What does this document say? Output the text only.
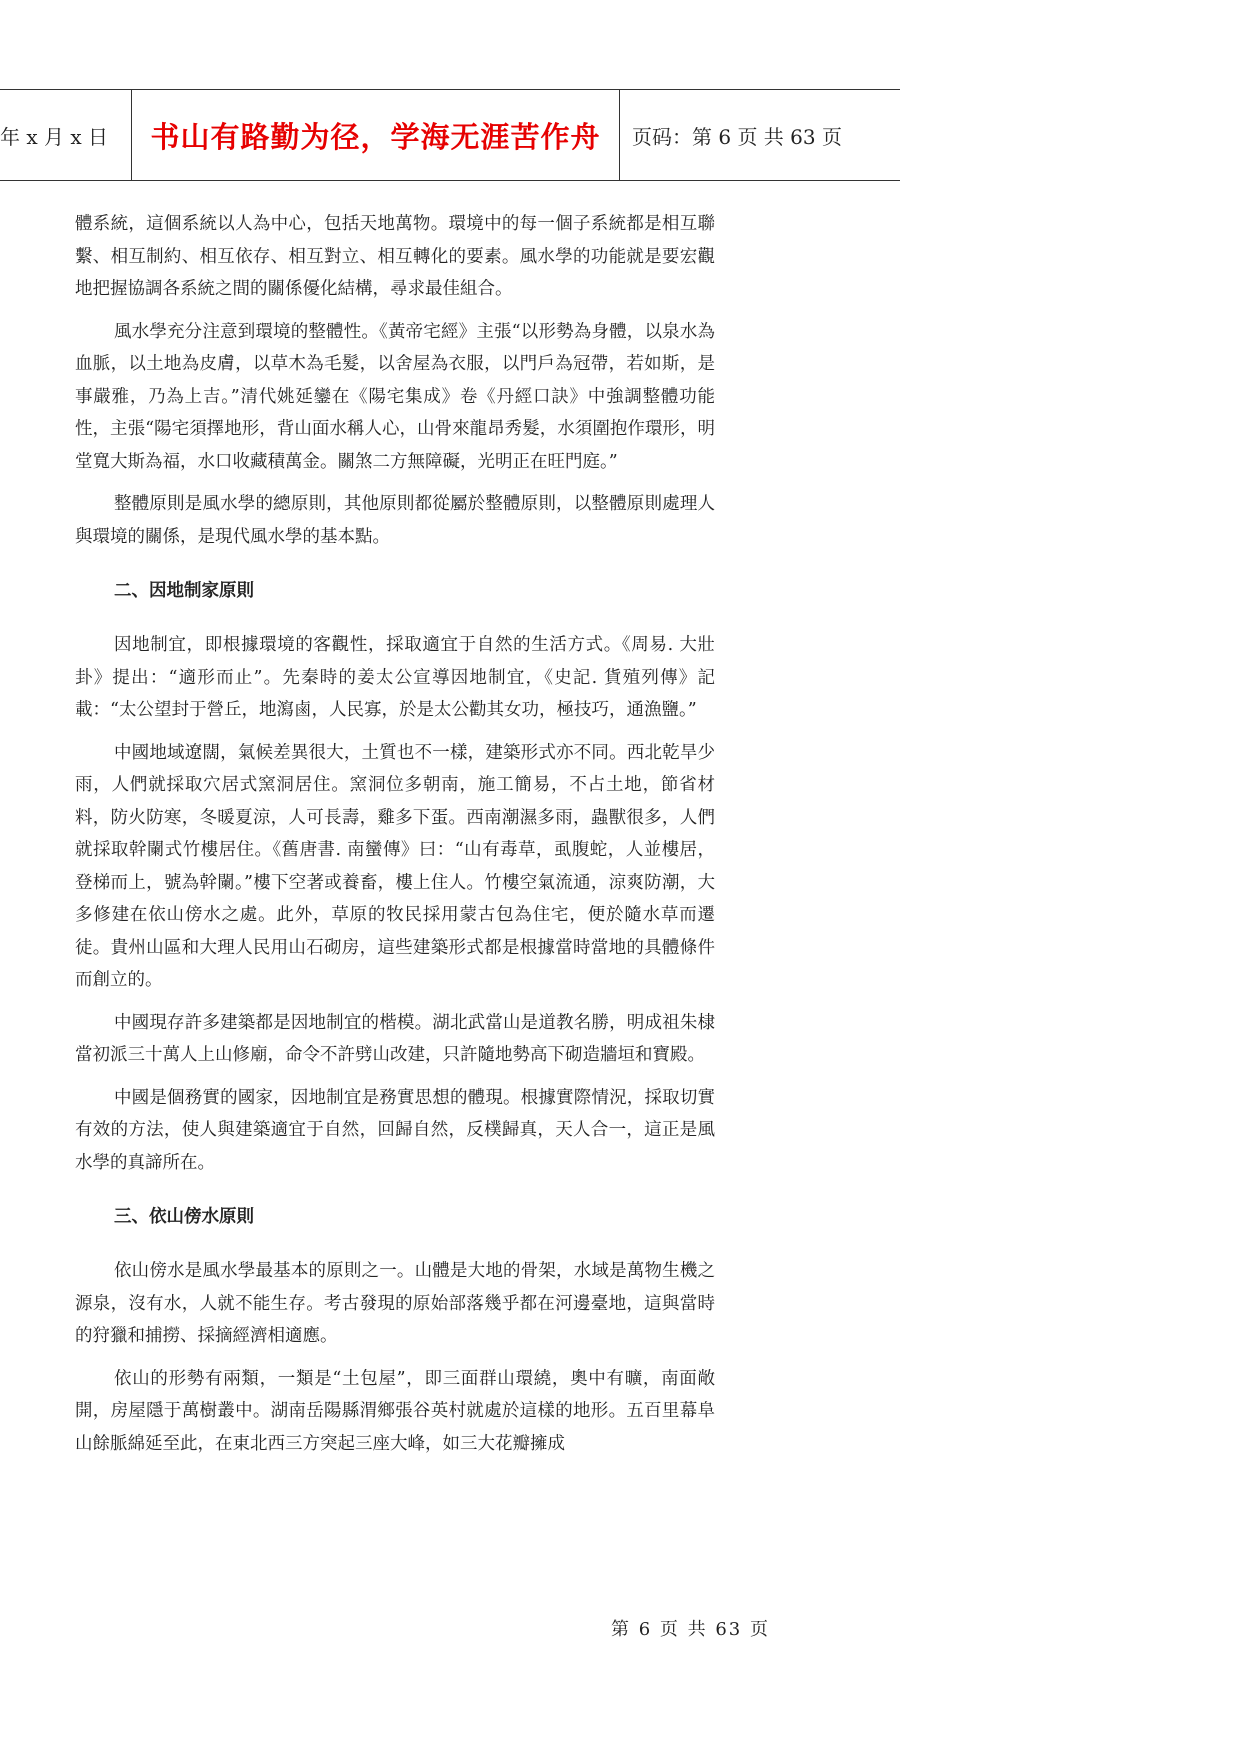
年 x 月 x 日	书山有路勤为径，学海无涯苦作舟	页码：第 6 页 共 63 页

體系統，這個系統以人為中心，包括天地萬物。環境中的每一個子系統都是相互聯繫、相互制約、相互依存、相互對立、相互轉化的要素。風水學的功能就是要宏觀地把握協調各系統之間的關係優化結構，尋求最佳組合。

風水學充分注意到環境的整體性。《黃帝宅經》主張“以形勢為身體，以泉水為血脈，以土地為皮膚，以草木為毛髮，以舍屋為衣服，以門戶為冠帶，若如斯，是事嚴雅，乃為上吉。”清代姚延鑾在《陽宅集成》卷《丹經口訣》中強調整體功能性，主張“陽宅須擇地形，背山面水稱人心，山骨來龍昂秀髮，水須圍抱作環形，明堂寬大斯為福，水口收藏積萬金。關煞二方無障礙，光明正在旺門庭。”

整體原則是風水學的總原則，其他原則都從屬於整體原則，以整體原則處理人與環境的關係，是現代風水學的基本點。

二、因地制家原則

因地制宜，即根據環境的客觀性，採取適宜于自然的生活方式。《周易. 大壯卦》提出：“適形而止”。先秦時的姜太公宣導因地制宜，《史記. 貨殖列傳》記載：“太公望封于營丘，地瀉鹵，人民寡，於是太公勸其女功，極技巧，通漁鹽。”

中國地域遼闊，氣候差異很大，土質也不一樣，建築形式亦不同。西北乾旱少雨，人們就採取穴居式窯洞居住。窯洞位多朝南，施工簡易，不占土地，節省材料，防火防寒，冬暖夏涼，人可長壽，雞多下蛋。西南潮濕多雨，蟲獸很多，人們就採取幹闌式竹樓居住。《舊唐書. 南蠻傳》曰：“山有毒草，虱腹蛇，人並樓居，登梯而上，號為幹闌。”樓下空著或養畜，樓上住人。竹樓空氣流通，涼爽防潮，大多修建在依山傍水之處。此外，草原的牧民採用蒙古包為住宅，便於隨水草而遷徒。貴州山區和大理人民用山石砌房，這些建築形式都是根據當時當地的具體條件而創立的。

中國現存許多建築都是因地制宜的楷模。湖北武當山是道教名勝，明成祖朱棣當初派三十萬人上山修廟，命令不許劈山改建，只許隨地勢高下砌造牆垣和寶殿。

中國是個務實的國家，因地制宜是務實思想的體現。根據實際情況，採取切實有效的方法，使人與建築適宜于自然，回歸自然，反樸歸真，天人合一，這正是風水學的真諦所在。

三、依山傍水原則

依山傍水是風水學最基本的原則之一。山體是大地的骨架，水域是萬物生機之源泉，沒有水，人就不能生存。考古發現的原始部落幾乎都在河邊臺地，這與當時的狩獵和捕撈、採摘經濟相適應。

依山的形勢有兩類，一類是“土包屋”，即三面群山環繞，奧中有曠，南面敞開，房屋隱于萬樹叢中。湖南岳陽縣渭鄉張谷英村就處於這樣的地形。五百里幕阜山餘脈綿延至此，在東北西三方突起三座大峰，如三大花瓣擁成

第 6 页 共 63 页
